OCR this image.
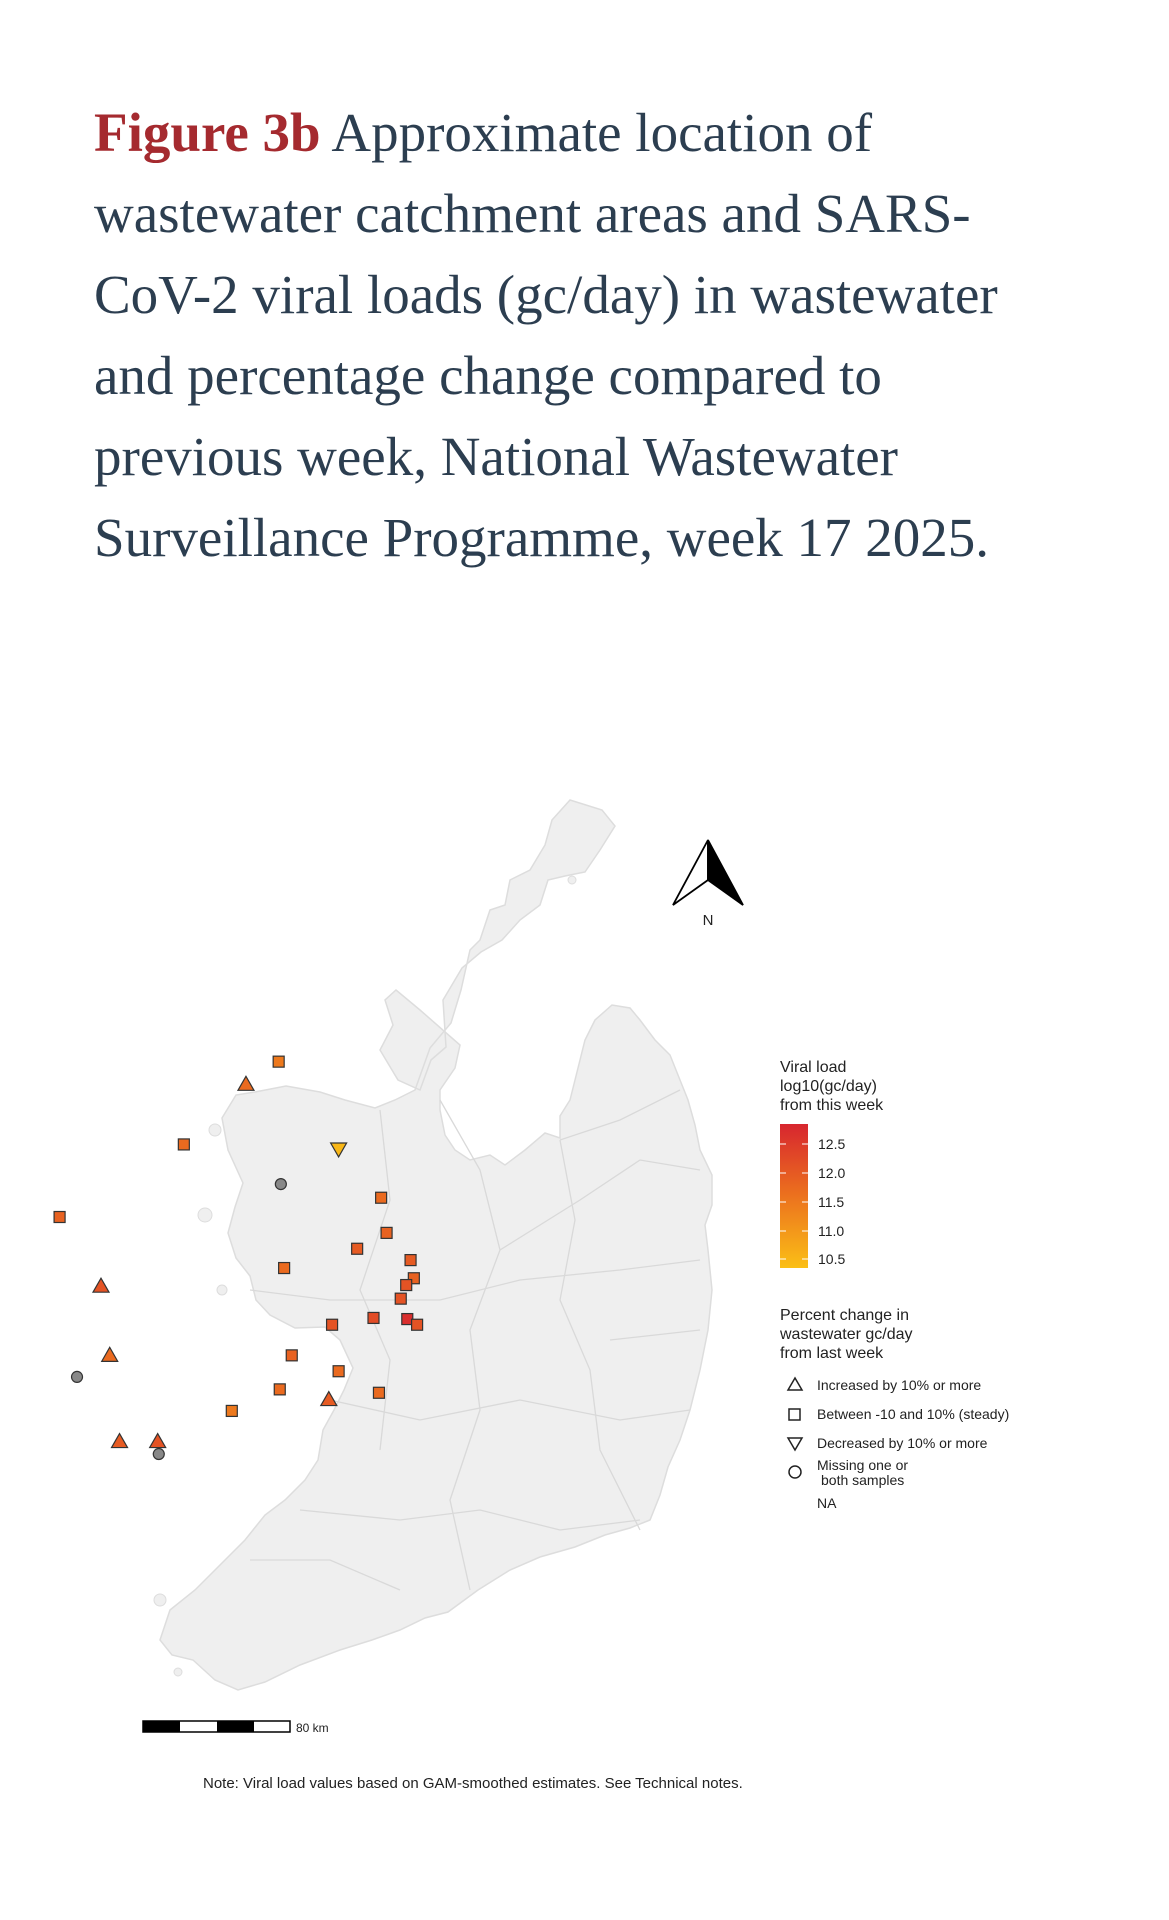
Figure 3b Approximate location of wastewater catchment areas and SARS-CoV-2 viral loads (gc/day) in wastewater and percentage change compared to previous week, National Wastewater Surveillance Programme, week 17 2025.
N
80 km
Viral load
log10(gc/day)
from this week
12.5
12.0
11.5
11.0
10.5
Percent change in
wastewater gc/day
from last week
Increased by 10% or more
Between -10 and 10% (steady)
Decreased by 10% or more
Missing one or
both samples
NA
Note: Viral load values based on GAM-smoothed estimates. See Technical notes.
